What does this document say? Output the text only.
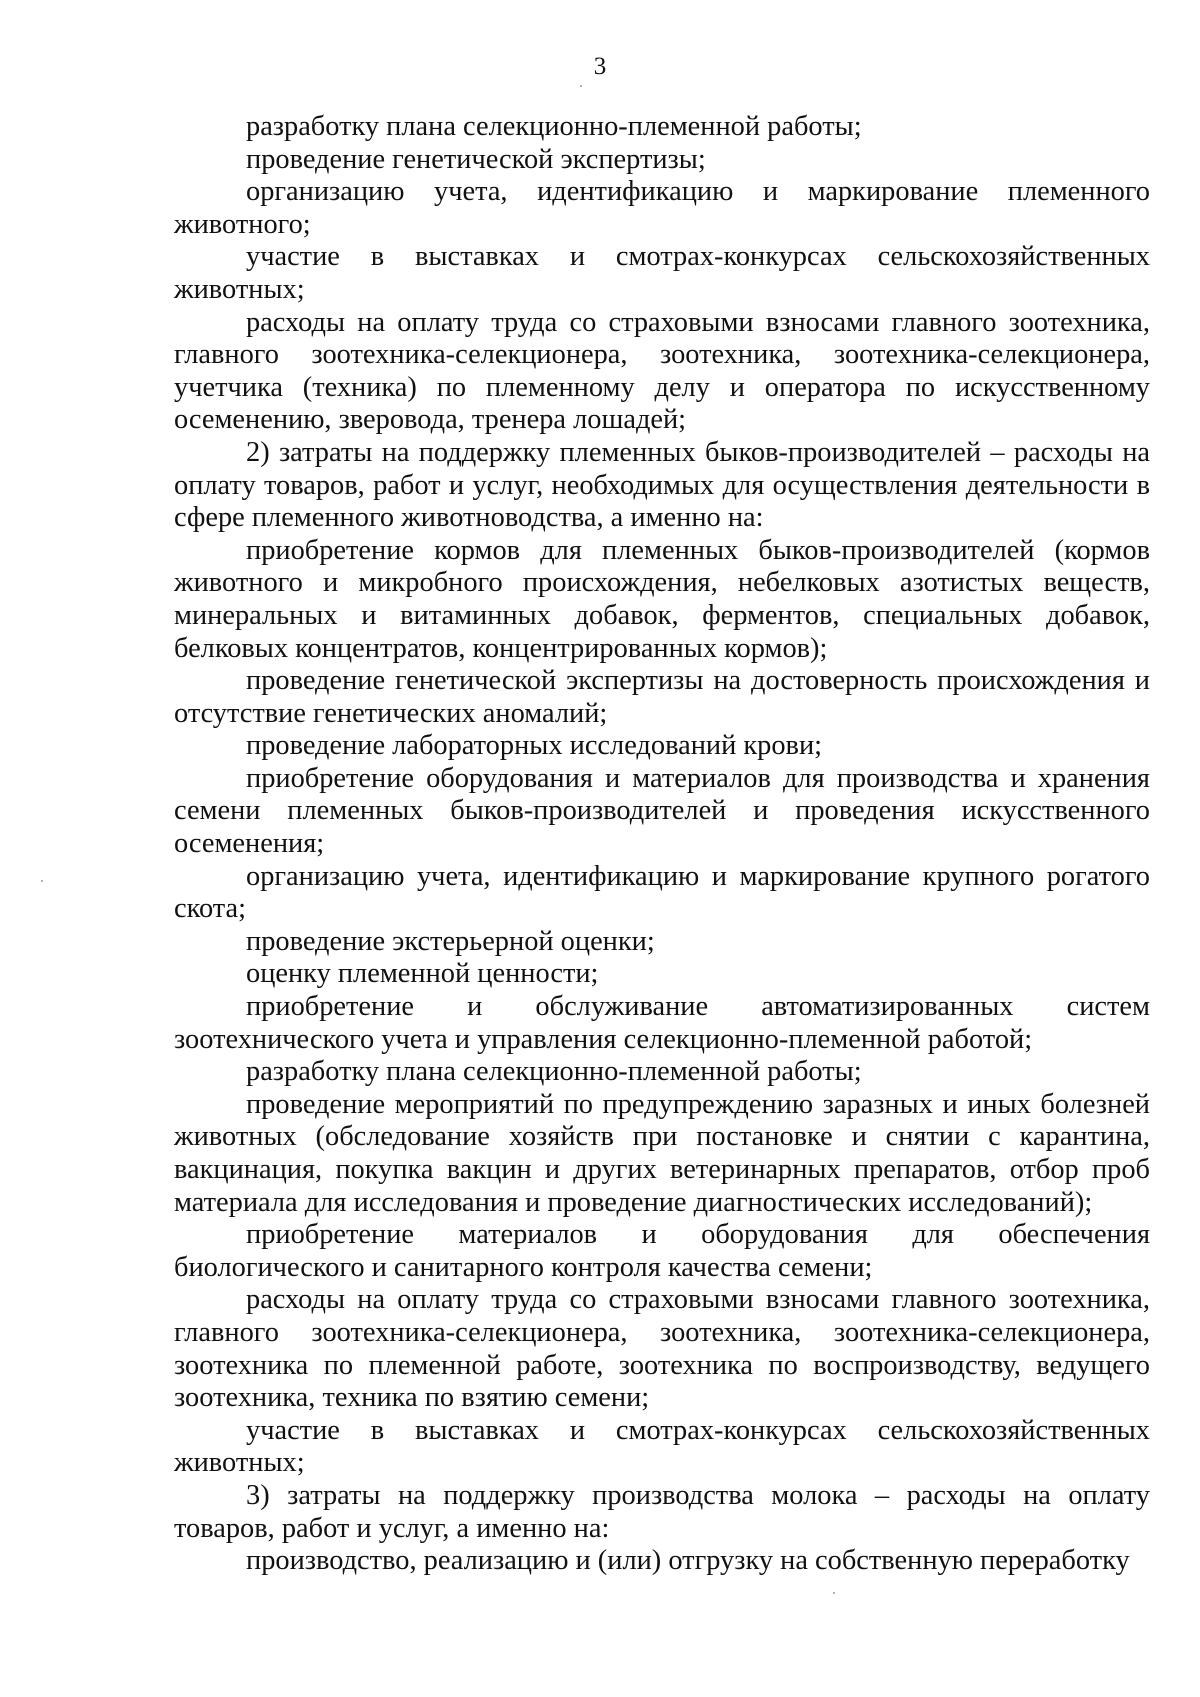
3

разработку плана селекционно-племенной работы;

проведение генетической экспертизы;

организацию учета, идентификацию и маркирование племенного животного;

участие в выставках и смотрах-конкурсах сельскохозяйственных животных;

расходы на оплату труда со страховыми взносами главного зоотехника, главного зоотехника-селекционера, зоотехника, зоотехника-селекционера, учетчика (техника) по племенному делу и оператора по искусственному осеменению, зверовода, тренера лошадей;

2) затраты на поддержку племенных быков-производителей – расходы на оплату товаров, работ и услуг, необходимых для осуществления деятельности в сфере племенного животноводства, а именно на:

приобретение кормов для племенных быков-производителей (кормов животного и микробного происхождения, небелковых азотистых веществ, минеральных и витаминных добавок, ферментов, специальных добавок, белковых концентратов, концентрированных кормов);

проведение генетической экспертизы на достоверность происхождения и отсутствие генетических аномалий;

проведение лабораторных исследований крови;

приобретение оборудования и материалов для производства и хранения семени племенных быков-производителей и проведения искусственного осеменения;

организацию учета, идентификацию и маркирование крупного рогатого скота;

проведение экстерьерной оценки;

оценку племенной ценности;

приобретение и обслуживание автоматизированных систем зоотехнического учета и управления селекционно-племенной работой;

разработку плана селекционно-племенной работы;

проведение мероприятий по предупреждению заразных и иных болезней животных (обследование хозяйств при постановке и снятии с карантина, вакцинация, покупка вакцин и других ветеринарных препаратов, отбор проб материала для исследования и проведение диагностических исследований);

приобретение материалов и оборудования для обеспечения биологического и санитарного контроля качества семени;

расходы на оплату труда со страховыми взносами главного зоотехника, главного зоотехника-селекционера, зоотехника, зоотехника-селекционера, зоотехника по племенной работе, зоотехника по воспроизводству, ведущего зоотехника, техника по взятию семени;

участие в выставках и смотрах-конкурсах сельскохозяйственных животных;

3) затраты на поддержку производства молока – расходы на оплату товаров, работ и услуг, а именно на:

производство, реализацию и (или) отгрузку на собственную переработку
